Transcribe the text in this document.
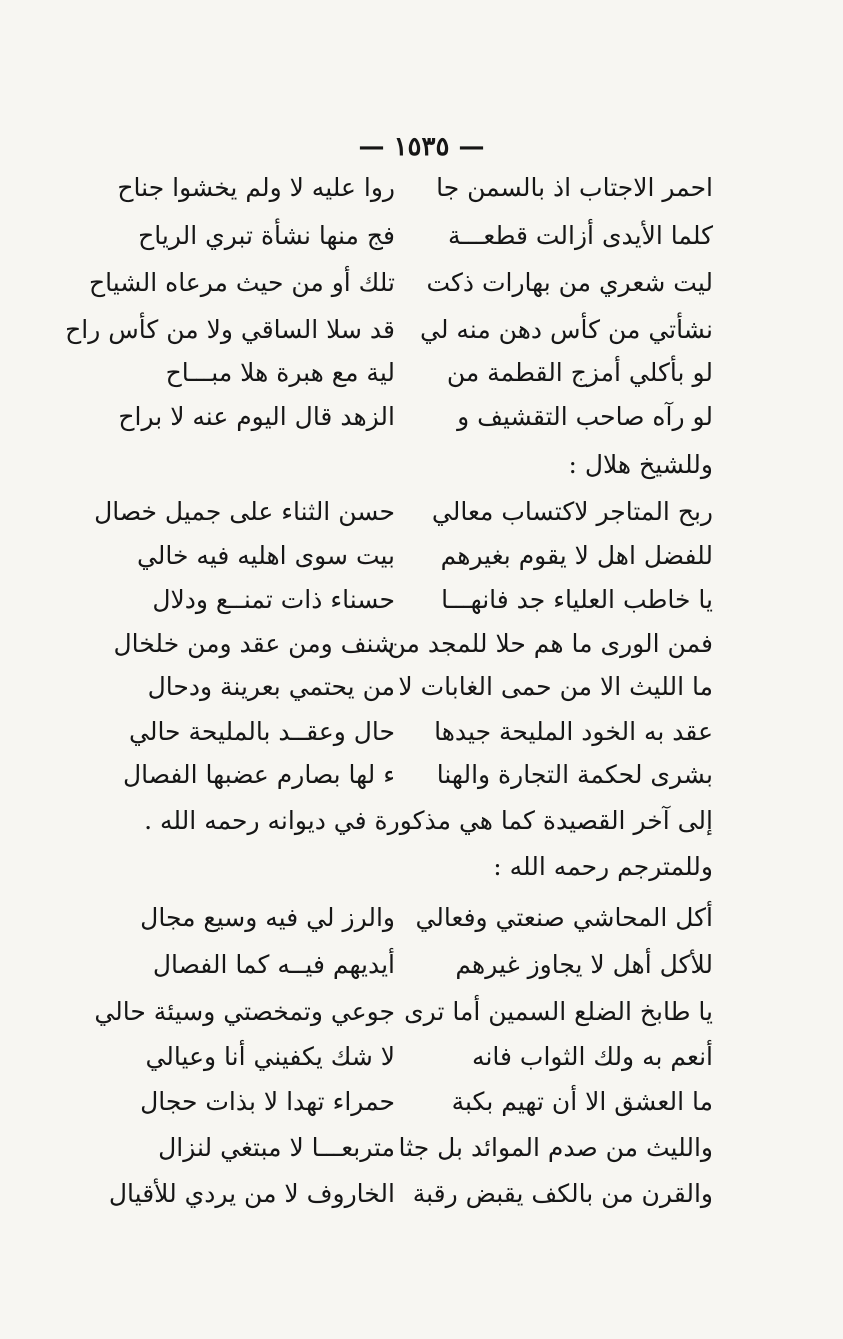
— ١٥٣٥ —
احمر الاجتاب اذ بالسمن جا
روا عليه لا ولم يخشوا جناح
كلما الأيدى أزالت قطعـــة
فج منها نشأة تبري الرياح
ليت شعري من بهارات ذكت
تلك أو من حيث مرعاه الشياح
نشأتي من كأس دهن منه لي
قد سلا الساقي ولا من كأس راح
لو بأكلي أمزج القطمة من
لية مع هبرة هلا مبـــاح
لو رآه صاحب التقشيف و
الزهد قال اليوم عنه لا براح
وللشيخ هلال :
ربح المتاجر لاكتساب معالي
حسن الثناء على جميل خصال
للفضل اهل لا يقوم بغيرهم
بيت سوى اهليه فيه خالي
يا خاطب العلياء جد فانهـــا
حسناء ذات تمنــع ودلال
فمن الورى ما هم حلا للمجد من
شنف ومن عقد ومن خلخال
ما الليث الا من حمى الغابات لا
من يحتمي بعرينة ودحال
عقد به الخود المليحة جيدها
حال وعقــد بالمليحة حالي
بشرى لحكمة التجارة والهنا
ء لها بصارم عضبها الفصال
إلى آخر القصيدة كما هي مذكورة في ديوانه رحمه الله .
وللمترجم رحمه الله :
أكل المحاشي صنعتي وفعالي
والرز لي فيه وسيع مجال
للأكل أهل لا يجاوز غيرهم
أيديهم فيــه كما الفصال
يا طابخ الضلع السمين أما ترى
جوعي وتمخصتي وسيئة حالي
أنعم به ولك الثواب فانه
لا شك يكفيني أنا وعيالي
ما العشق الا أن تهيم بكبة
حمراء تهدا لا بذات حجال
والليث من صدم الموائد بل جثا
متربعـــا لا مبتغي لنزال
والقرن من بالكف يقبض رقبة
الخاروف لا من يردي للأقيال
